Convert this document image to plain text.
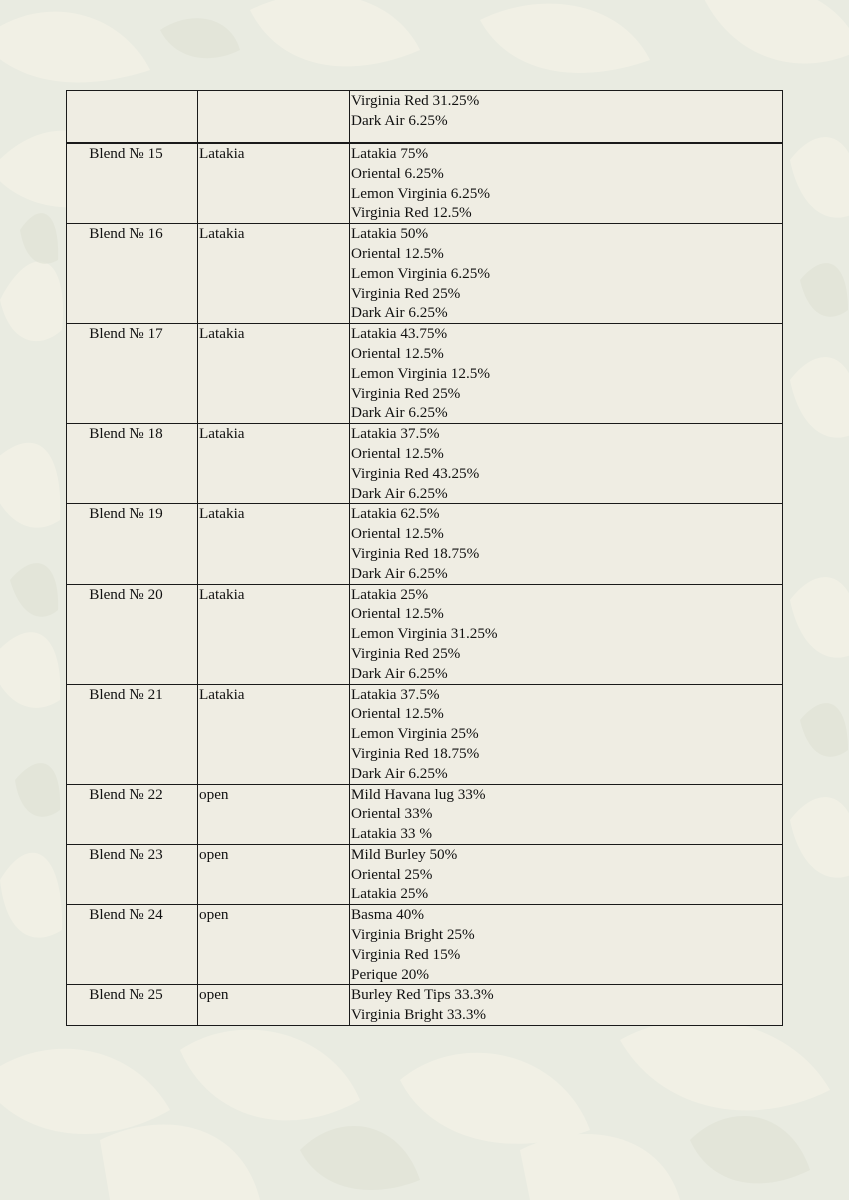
		Virginia Red 31.25%
Dark Air 6.25%

Blend № 15	Latakia	Latakia 75%
Oriental 6.25%
Lemon Virginia 6.25%
Virginia Red 12.5%

Blend № 16	Latakia	Latakia 50%
Oriental 12.5%
Lemon Virginia 6.25%
Virginia Red 25%
Dark Air 6.25%

Blend № 17	Latakia	Latakia 43.75%
Oriental 12.5%
Lemon Virginia 12.5%
Virginia Red 25%
Dark Air 6.25%

Blend № 18	Latakia	Latakia 37.5%
Oriental 12.5%
Virginia Red 43.25%
Dark Air 6.25%

Blend № 19	Latakia	Latakia 62.5%
Oriental 12.5%
Virginia Red 18.75%
Dark Air 6.25%

Blend № 20	Latakia	Latakia 25%
Oriental 12.5%
Lemon Virginia 31.25%
Virginia Red 25%
Dark Air 6.25%

Blend № 21	Latakia	Latakia 37.5%
Oriental 12.5%
Lemon Virginia 25%
Virginia Red 18.75%
Dark Air 6.25%

Blend № 22	open	Mild Havana lug 33%
Oriental 33%
Latakia 33 %

Blend № 23	open	Mild Burley 50%
Oriental 25%
Latakia 25%

Blend № 24	open	Basma 40%
Virginia Bright 25%
Virginia Red 15%
Perique 20%

Blend № 25	open	Burley Red Tips 33.3%
Virginia Bright 33.3%
